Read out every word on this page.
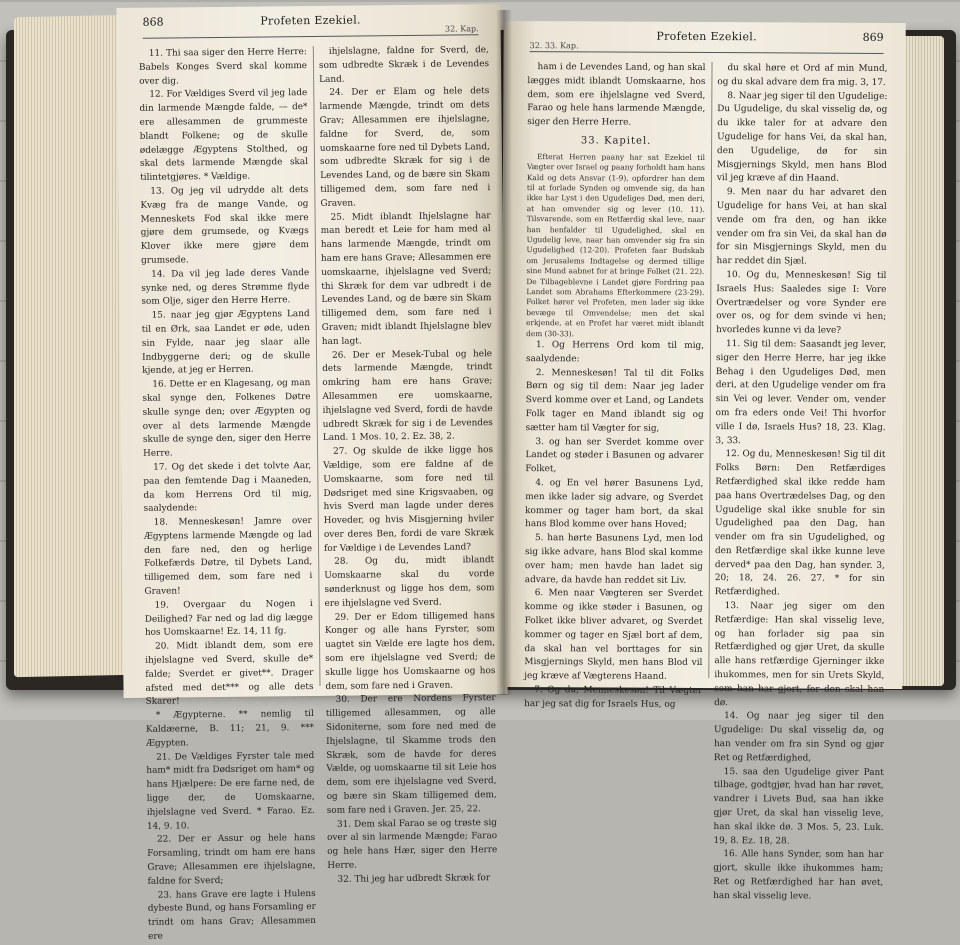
868	Profeten Ezekiel.
32. Kap.
11. Thi saa siger den Herre Herre: Babels Konges Sverd skal komme over dig.
12. For Vældiges Sverd vil jeg lade din larmende Mængde falde, — de* ere allesammen de grummeste blandt Folkene; og de skulle ødelægge Ægyptens Stolthed, og skal dets larmende Mængde skal tilintetgjøres. * Vældige.
13. Og jeg vil udrydde alt dets Kvæg fra de mange Vande, og Menneskets Fod skal ikke mere gjøre dem grumsede, og Kvægs Klover ikke mere gjøre dem grumsede.
14. Da vil jeg lade deres Vande synke ned, og deres Strømme flyde som Olje, siger den Herre Herre.
15. naar jeg gjør Ægyptens Land til en Ørk, saa Landet er øde, uden sin Fylde, naar jeg slaar alle Indbyggerne deri; og de skulle kjende, at jeg er Herren.
16. Dette er en Klagesang, og man skal synge den, Folkenes Døtre skulle synge den; over Ægypten og over al dets larmende Mængde skulle de synge den, siger den Herre Herre.
17. Og det skede i det tolvte Aar, paa den femtende Dag i Maaneden, da kom Herrens Ord til mig, saalydende:
18. Menneskesøn! Jamre over Ægyptens larmende Mængde og lad den fare ned, den og herlige Folkefærds Døtre, til Dybets Land, tilligemed dem, som fare ned i Graven!
19. Overgaar du Nogen i Deilighed? Far ned og lad dig lægge hos Uomskaarne! Ez. 14, 11 fg.
20. Midt iblandt dem, som ere ihjelslagne ved Sverd, skulle de* falde; Sverdet er givet**. Drager afsted med det*** og alle dets Skarer!
* Ægypterne. ** nemlig til Kaldæerne, B. 11; 21, 9. *** Ægypten.
21. De Vældiges Fyrster tale med ham* midt fra Dødsriget om ham* og hans Hjælpere: De ere farne ned, de ligge der, de Uomskaarne, ihjelslagne ved Sverd. * Farao. Ez. 14, 9. 10.
22. Der er Assur og hele hans Forsamling, trindt om ham ere hans Grave; Allesammen ere ihjelslagne, faldne for Sverd;
23. hans Grave ere lagte i Hulens dybeste Bund, og hans Forsamling er trindt om hans Grav; Allesammen ere
ihjelslagne, faldne for Sverd, de, som udbredte Skræk i de Levendes Land.
24. Der er Elam og hele dets larmende Mængde, trindt om dets Grav; Allesammen ere ihjelslagne, faldne for Sverd, de, som uomskaarne fore ned til Dybets Land, som udbredte Skræk for sig i de Levendes Land, og de bære sin Skam tilligemed dem, som fare ned i Graven.
25. Midt iblandt Ihjelslagne har man beredt et Leie for ham med al hans larmende Mængde, trindt om ham ere hans Grave; Allesammen ere uomskaarne, ihjelslagne ved Sverd; thi Skræk for dem var udbredt i de Levendes Land, og de bære sin Skam tilligemed dem, som fare ned i Graven; midt iblandt Ihjelslagne blev han lagt.
26. Der er Mesek-Tubal og hele dets larmende Mængde, trindt omkring ham ere hans Grave; Allesammen ere uomskaarne, ihjelslagne ved Sverd, fordi de havde udbredt Skræk for sig i de Levendes Land. 1 Mos. 10, 2. Ez. 38, 2.
27. Og skulde de ikke ligge hos Vældige, som ere faldne af de Uomskaarne, som fore ned til Dødsriget med sine Krigsvaaben, og hvis Sverd man lagde under deres Hoveder, og hvis Misgjerning hviler over deres Ben, fordi de vare Skræk for Vældige i de Levendes Land?
28. Og du, midt iblandt Uomskaarne skal du vorde sønderknust og ligge hos dem, som ere ihjelslagne ved Sverd.
29. Der er Edom tilligemed hans Konger og alle hans Fyrster, som uagtet sin Vælde ere lagte hos dem, som ere ihjelslagne ved Sverd; de skulle ligge hos Uomskaarne og hos dem, som fare ned i Graven.
30. Der ere Nordens Fyrster tilligemed allesammen, og alle Sidoniterne, som fore ned med de Ihjelslagne, til Skamme trods den Skræk, som de havde for deres Vælde, og uomskaarne til sit Leie hos dem, som ere ihjelslagne ved Sverd, og bære sin Skam tilligemed dem, som fare ned i Graven. Jer. 25, 22.
31. Dem skal Farao se og trøste sig over al sin larmende Mængde; Farao og hele hans Hær, siger den Herre Herre.
32. Thi jeg har udbredt Skræk for
32. 33. Kap.
Profeten Ezekiel.	869
ham i de Levendes Land, og han skal lægges midt iblandt Uomskaarne, hos dem, som ere ihjelslagne ved Sverd, Farao og hele hans larmende Mængde, siger den Herre Herre.
33. Kapitel.
Efterat Herren paany har sat Ezekiel til Vægter over Israel og paany forholdt ham hans Kald og dets Ansvar (1-9), opfordrer han dem til at forlade Synden og omvende sig, da han ikke har Lyst i den Ugudeliges Død, men deri, at han omvender sig og lever (10. 11). Tilsvarende, som en Retfærdig skal leve, naar han henfalder til Ugudelighed, skal en Ugudelig leve, naar han omvender sig fra sin Ugudelighed (12-20). Profeten faar Budskab om Jerusalems Indtagelse og dermed tillige sine Mund aabnet for at bringe Folket (21. 22). De Tilbageblevne i Landet gjøre Fordring paa Landet som Abrahams Efterkommere (23-29). Folket hører vel Profeten, men lader sig ikke bevæge til Omvendelse; men det skal erkjende, at en Profet har været midt iblandt dem (30-33).
1. Og Herrens Ord kom til mig, saalydende:
2. Menneskesøn! Tal til dit Folks Børn og sig til dem: Naar jeg lader Sverd komme over et Land, og Landets Folk tager en Mand iblandt sig og sætter ham til Vægter for sig,
3. og han ser Sverdet komme over Landet og støder i Basunen og advarer Folket,
4. og En vel hører Basunens Lyd, men ikke lader sig advare, og Sverdet kommer og tager ham bort, da skal hans Blod komme over hans Hoved;
5. han hørte Basunens Lyd, men lod sig ikke advare, hans Blod skal komme over ham; men havde han ladet sig advare, da havde han reddet sit Liv.
6. Men naar Vægteren ser Sverdet komme og ikke støder i Basunen, og Folket ikke bliver advaret, og Sverdet kommer og tager en Sjæl bort af dem, da skal han vel borttages for sin Misgjernings Skyld, men hans Blod vil jeg kræve af Vægterens Haand.
7. Og du, Menneskesøn! Til Vægter har jeg sat dig for Israels Hus, og
du skal høre et Ord af min Mund, og du skal advare dem fra mig. 3, 17.
8. Naar jeg siger til den Ugudelige: Du Ugudelige, du skal visselig dø, og du ikke taler for at advare den Ugudelige for hans Vei, da skal han, den Ugudelige, dø for sin Misgjernings Skyld, men hans Blod vil jeg kræve af din Haand.
9. Men naar du har advaret den Ugudelige for hans Vei, at han skal vende om fra den, og han ikke vender om fra sin Vei, da skal han dø for sin Misgjernings Skyld, men du har reddet din Sjæl.
10. Og du, Menneskesøn! Sig til Israels Hus: Saaledes sige I: Vore Overtrædelser og vore Synder ere over os, og for dem svinde vi hen; hvorledes kunne vi da leve?
11. Sig til dem: Saasandt jeg lever, siger den Herre Herre, har jeg ikke Behag i den Ugudeliges Død, men deri, at den Ugudelige vender om fra sin Vei og lever. Vender om, vender om fra eders onde Vei! Thi hvorfor ville I dø, Israels Hus? 18, 23. Klag. 3, 33.
12. Og du, Menneskesøn! Sig til dit Folks Børn: Den Retfærdiges Retfærdighed skal ikke redde ham paa hans Overtrædelses Dag, og den Ugudelige skal ikke snuble for sin Ugudelighed paa den Dag, han vender om fra sin Ugudelighed, og den Retfærdige skal ikke kunne leve derved* paa den Dag, han synder. 3, 20; 18, 24. 26. 27. * for sin Retfærdighed.
13. Naar jeg siger om den Retfærdige: Han skal visselig leve, og han forlader sig paa sin Retfærdighed og gjør Uret, da skulle alle hans retfærdige Gjerninger ikke ihukommes, men for sin Urets Skyld, som han har gjort, for den skal han dø.
14. Og naar jeg siger til den Ugudelige: Du skal visselig dø, og han vender om fra sin Synd og gjør Ret og Retfærdighed,
15. saa den Ugudelige giver Pant tilbage, godtgjør, hvad han har røvet, vandrer i Livets Bud, saa han ikke gjør Uret, da skal han visselig leve, han skal ikke dø. 3 Mos. 5, 23. Luk. 19, 8. Ez. 18, 28.
16. Alle hans Synder, som han har gjort, skulle ikke ihukommes ham; Ret og Retfærdighed har han øvet, han skal visselig leve.
